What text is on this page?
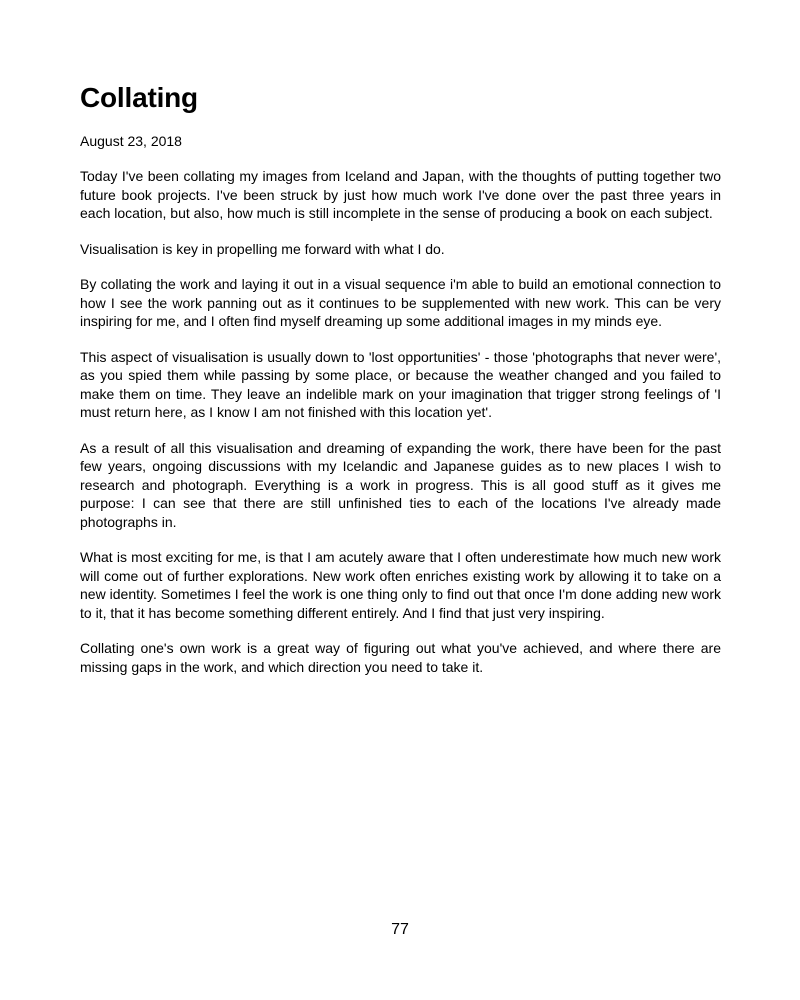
Collating
August 23, 2018

Today I've been collating my images from Iceland and Japan, with the thoughts of putting together two future book projects. I've been struck by just how much work I've done over the past three years in each location, but also, how much is still incomplete in the sense of producing a book on each subject.

Visualisation is key in propelling me forward with what I do.

By collating the work and laying it out in a visual sequence i'm able to build an emotional connection to how I see the work panning out as it continues to be supplemented with new work. This can be very inspiring for me, and I often find myself dreaming up some additional images in my minds eye.

This aspect of visualisation is usually down to 'lost opportunities' - those 'photographs that never were', as you spied them while passing by some place, or because the weather changed and you failed to make them on time. They leave an indelible mark on your imagination that trigger strong feelings of 'I must return here, as I know I am not finished with this location yet'.

As a result of all this visualisation and dreaming of expanding the work, there have been for the past few years, ongoing discussions with my Icelandic and Japanese guides as to new places I wish to research and photograph. Everything is a work in progress. This is all good stuff as it gives me purpose: I can see that there are still unfinished ties to each of the locations I've already made photographs in.

What is most exciting for me, is that I am acutely aware that I often underestimate how much new work will come out of further explorations. New work often enriches existing work by allowing it to take on a new identity. Sometimes I feel the work is one thing only to find out that once I'm done adding new work to it, that it has become something different entirely. And I find that just very inspiring.

Collating one's own work is a great way of figuring out what you've achieved, and where there are missing gaps in the work, and which direction you need to take it.

77
